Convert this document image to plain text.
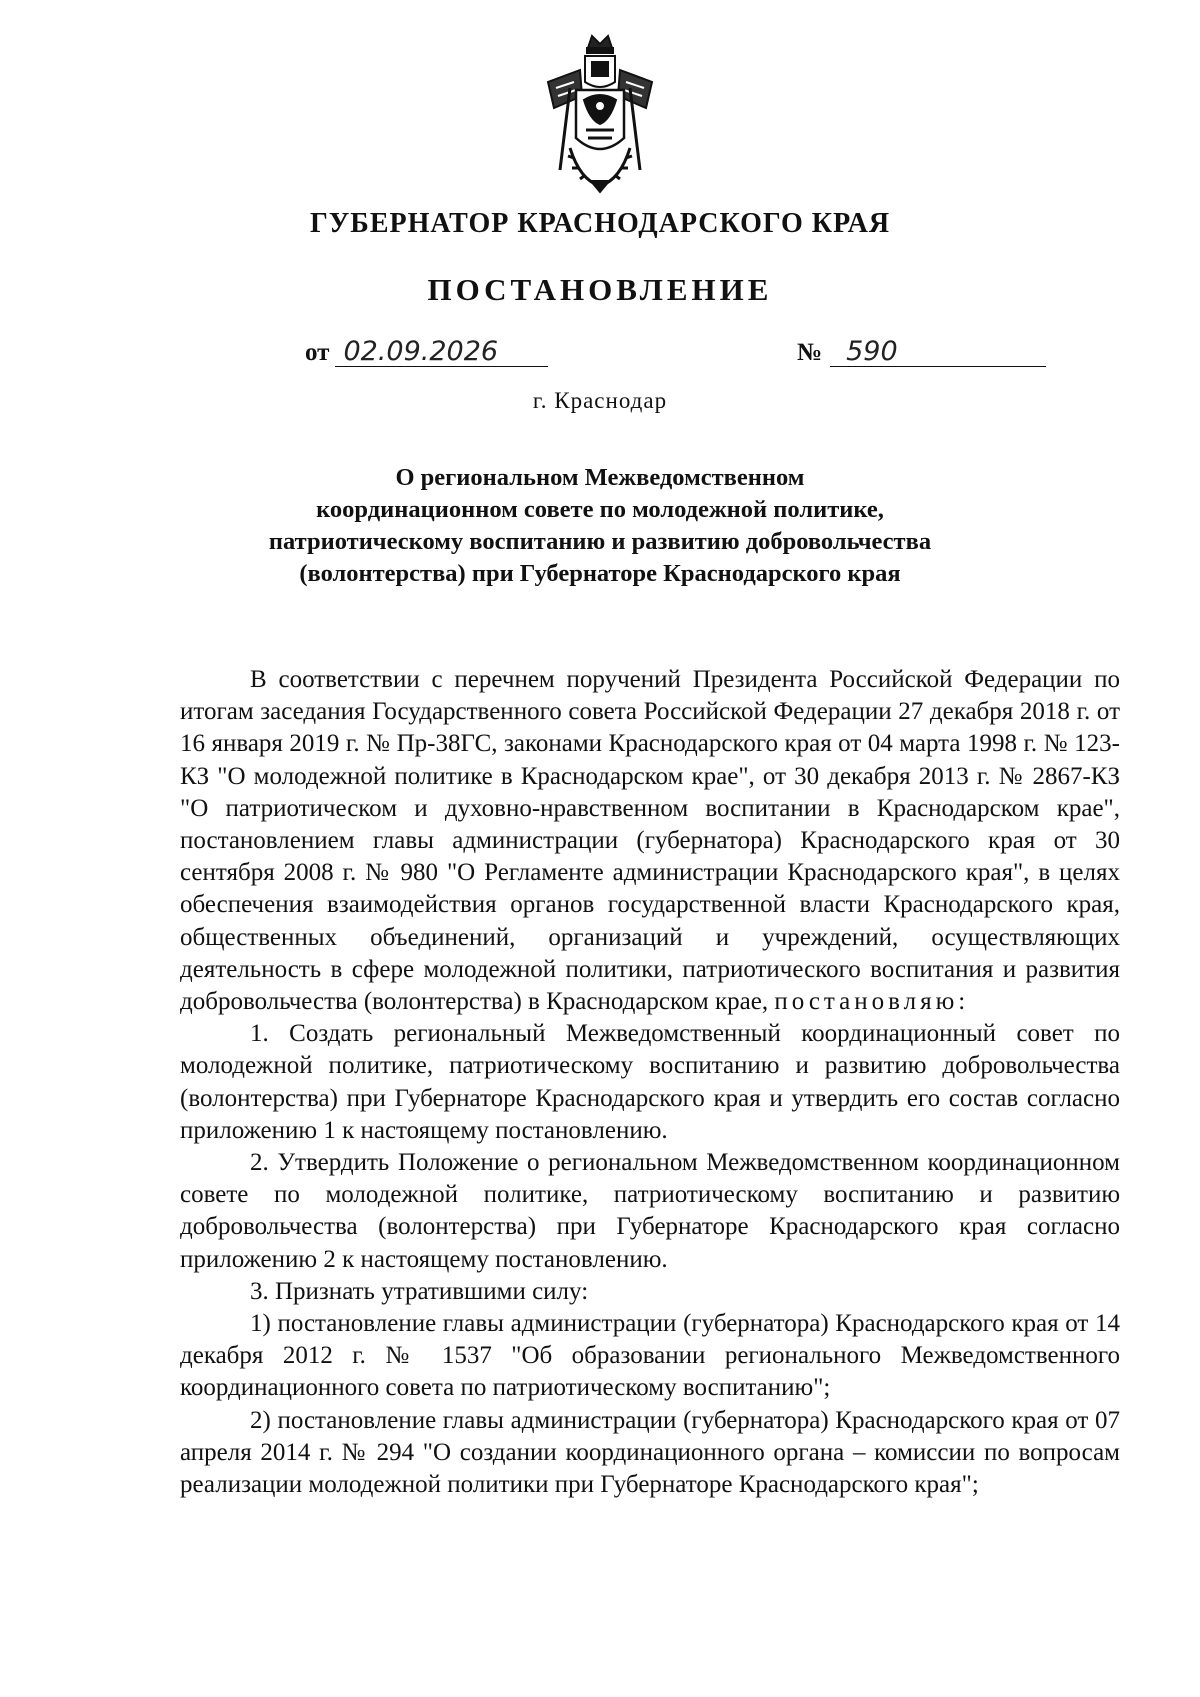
ГУБЕРНАТОР КРАСНОДАРСКОГО КРАЯ
ПОСТАНОВЛЕНИЕ
от 02.09.2026	№ 590
г. Краснодар
О региональном Межведомственном
координационном совете по молодежной политике,
патриотическому воспитанию и развитию добровольчества
(волонтерства) при Губернаторе Краснодарского края

В соответствии с перечнем поручений Президента Российской Федерации по итогам заседания Государственного совета Российской Федерации 27 декабря 2018 г. от 16 января 2019 г. № Пр-38ГС, законами Краснодарского края от 04 марта 1998 г. № 123-КЗ "О молодежной политике в Краснодарском крае", от 30 декабря 2013 г. № 2867-КЗ "О патриотическом и духовно-нравственном воспитании в Краснодарском крае", постановлением главы администрации (губернатора) Краснодарского края от 30 сентября 2008 г. № 980 "О Регламенте администрации Краснодарского края", в целях обеспечения взаимодействия органов государственной власти Краснодарского края, общественных объединений, организаций и учреждений, осуществляющих деятельность в сфере молодежной политики, патриотического воспитания и развития добровольчества (волонтерства) в Краснодарском крае, постановляю:

1. Создать региональный Межведомственный координационный совет по молодежной политике, патриотическому воспитанию и развитию добровольчества (волонтерства) при Губернаторе Краснодарского края и утвердить его состав согласно приложению 1 к настоящему постановлению.

2. Утвердить Положение о региональном Межведомственном координационном совете по молодежной политике, патриотическому воспитанию и развитию добровольчества (волонтерства) при Губернаторе Краснодарского края согласно приложению 2 к настоящему постановлению.

3. Признать утратившими силу:

1) постановление главы администрации (губернатора) Краснодарского края от 14 декабря 2012 г. № 1537 "Об образовании регионального Межведомственного координационного совета по патриотическому воспитанию";

2) постановление главы администрации (губернатора) Краснодарского края от 07 апреля 2014 г. № 294 "О создании координационного органа – комиссии по вопросам реализации молодежной политики при Губернаторе Краснодарского края";
